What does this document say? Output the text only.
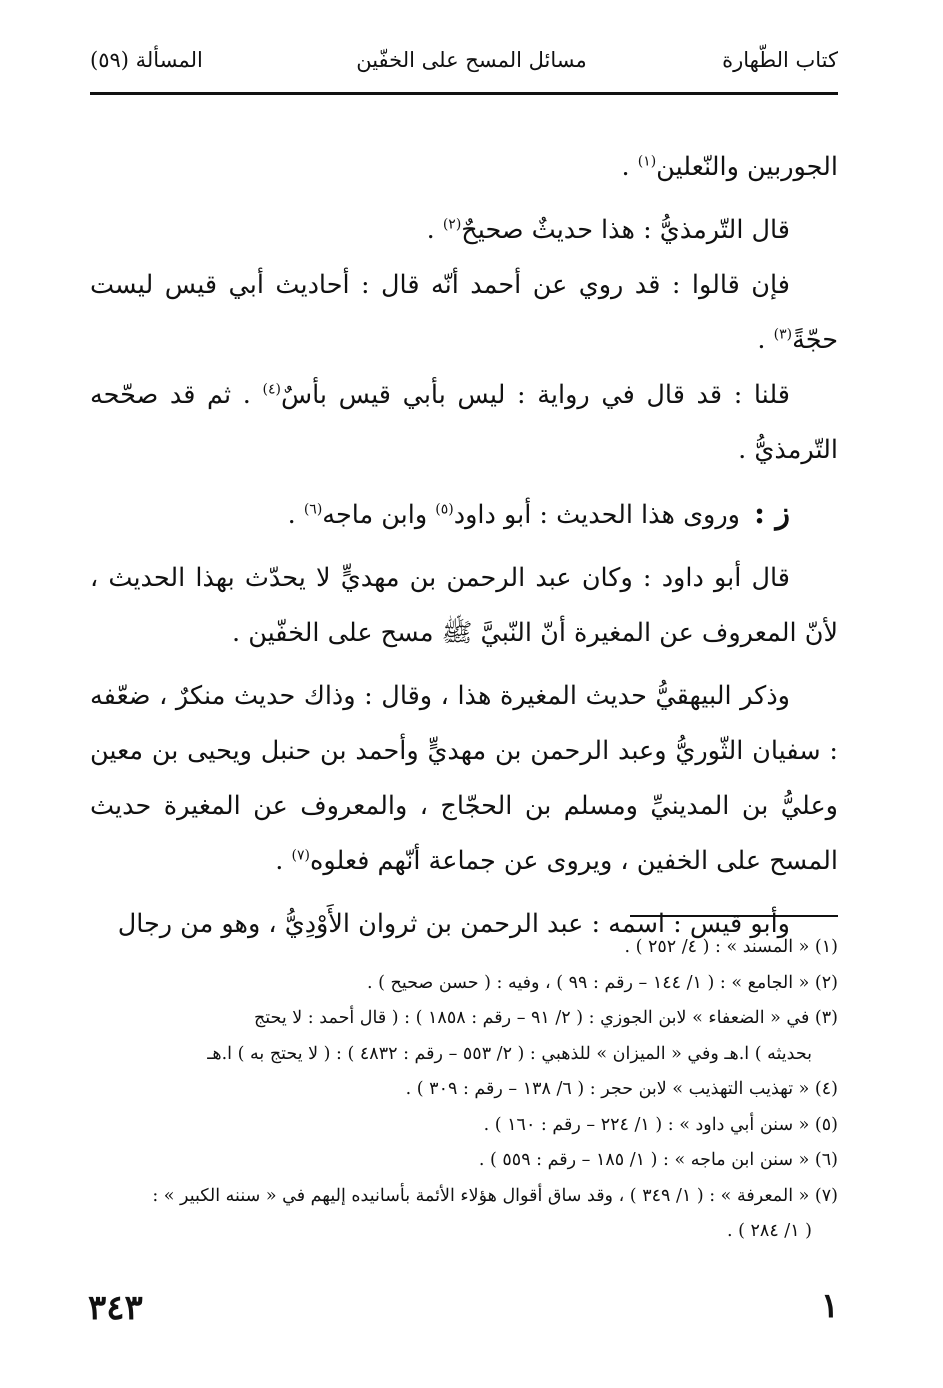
كتاب الطّهارة
مسائل المسح على الخفّين
المسألة (٥٩)

الجوربين والنّعلين$^{(١)}$ .

قال التّرمذيُّ : هذا حديثٌ صحيحٌ$^{(٢)}$ .

فإن قالوا : قد روي عن أحمد أنّه قال : أحاديث أبي قيس ليست حجّةً$^{(٣)}$ .

قلنا : قد قال في رواية : ليس بأبي قيس بأسٌ$^{(٤)}$ . ثم قد صحّحه التّرمذيُّ .

ز :وروى هذا الحديث : أبو داود$^{(٥)}$ وابن ماجه$^{(٦)}$ .

قال أبو داود : وكان عبد الرحمن بن مهديٍّ لا يحدّث بهذا الحديث ، لأنّ المعروف عن المغيرة أنّ النّبيَّ ﷺ مسح على الخفّين .

وذكر البيهقيُّ حديث المغيرة هذا ، وقال : وذاك حديث منكرٌ ، ضعّفه : سفيان الثّوريُّ وعبد الرحمن بن مهديٍّ وأحمد بن حنبل ويحيى بن معين وعليُّ بن المدينيِّ ومسلم بن الحجّاج ، والمعروف عن المغيرة حديث المسح على الخفين ، ويروى عن جماعة أنّهم فعلوه$^{(٧)}$ .

وأبو قيس : اسمه : عبد الرحمن بن ثروان الأَوْدِيُّ ، وهو من رجال

(١) « المسند » : ( ٤/ ٢٥٢ ) .
(٢) « الجامع » : ( ١/ ١٤٤ – رقم : ٩٩ ) ، وفيه : ( حسن صحيح ) .
(٣) في « الضعفاء » لابن الجوزي : ( ٢/ ٩١ – رقم : ١٨٥٨ ) : ( قال أحمد : لا يحتج
بحديثه ) ا.هـ وفي « الميزان » للذهبي : ( ٢/ ٥٥٣ – رقم : ٤٨٣٢ ) : ( لا يحتج به ) ا.هـ
(٤) « تهذيب التهذيب » لابن حجر : ( ٦/ ١٣٨ – رقم : ٣٠٩ ) .
(٥) « سنن أبي داود » : ( ١/ ٢٢٤ – رقم : ١٦٠ ) .
(٦) « سنن ابن ماجه » : ( ١/ ١٨٥ – رقم : ٥٥٩ ) .
(٧) « المعرفة » : ( ١/ ٣٤٩ ) ، وقد ساق أقوال هؤلاء الأئمة بأسانيده إليهم في « سننه الكبير » :
( ١/ ٢٨٤ ) .
٣٤٣	١
